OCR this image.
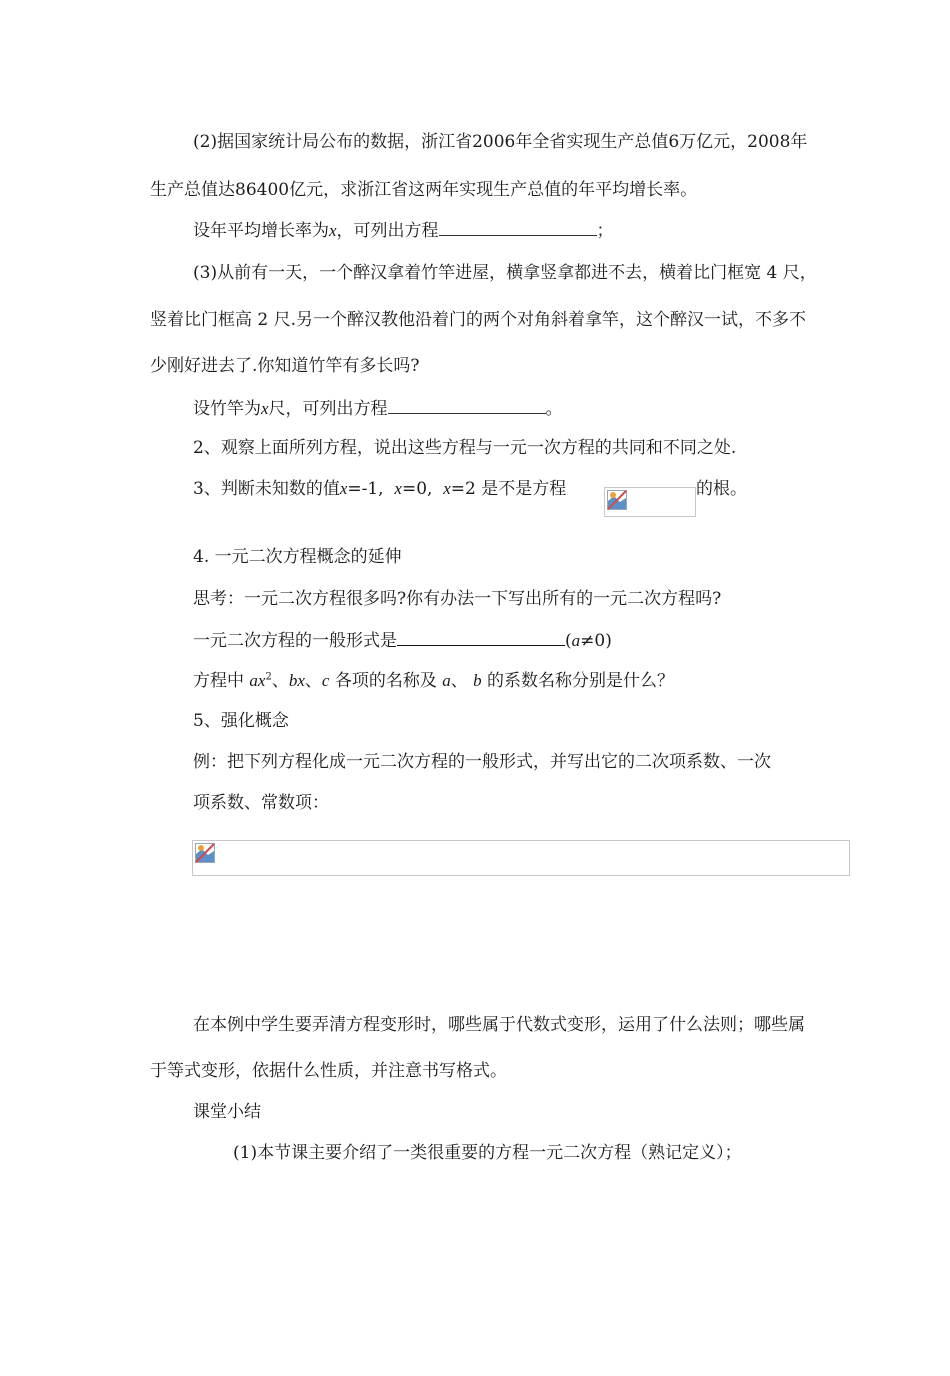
(2)据国家统计局公布的数据，浙江省2006年全省实现生产总值6万亿元，2008年
生产总值达86400亿元，求浙江省这两年实现生产总值的年平均增长率。
设年平均增长率为x，可列出方程	；
(3)从前有一天，一个醉汉拿着竹竿进屋，横拿竖拿都进不去，横着比门框宽 4 尺，
竖着比门框高 2 尺.另一个醉汉教他沿着门的两个对角斜着拿竿，这个醉汉一试，不多不
少刚好进去了.你知道竹竿有多长吗?
设竹竿为x尺，可列出方程	。
2、观察上面所列方程，说出这些方程与一元一次方程的共同和不同之处.
3、判断未知数的值x=-1, x=0, x=2 是不是方程	的根。
4. 一元二次方程概念的延伸
思考：一元二次方程很多吗?你有办法一下写出所有的一元二次方程吗?
一元二次方程的一般形式是	(a≠0)
方程中 $ax^2$、bx、c 各项的名称及 a、 b 的系数名称分别是什么？
5、强化概念
例：把下列方程化成一元二次方程的一般形式，并写出它的二次项系数、一次
项系数、常数项：
在本例中学生要弄清方程变形时，哪些属于代数式变形，运用了什么法则；哪些属
于等式变形，依据什么性质，并注意书写格式。
课堂小结
(1)本节课主要介绍了一类很重要的方程一元二次方程（熟记定义）；
